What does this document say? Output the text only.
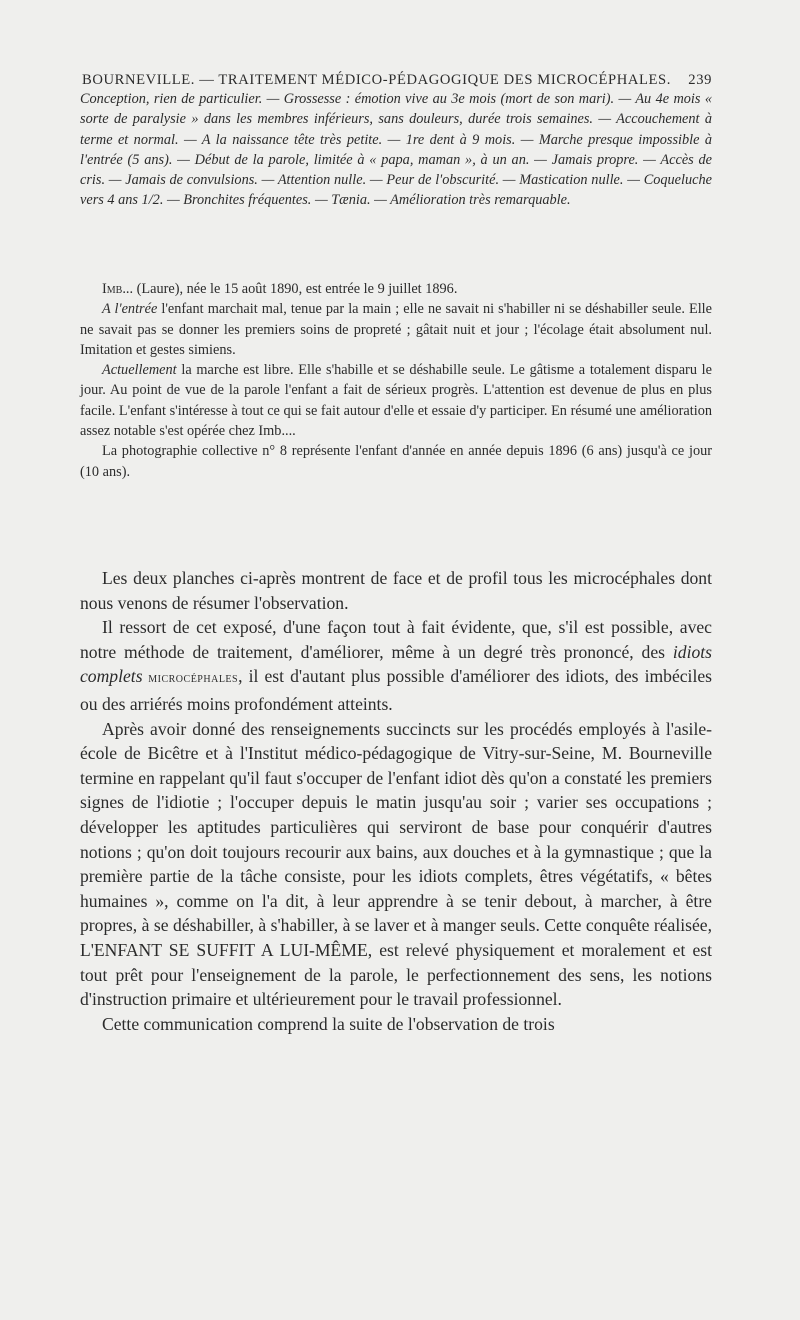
BOURNEVILLE. — TRAITEMENT MÉDICO-PÉDAGOGIQUE DES MICROCÉPHALES. 239

Conception, rien de particulier. — Grossesse : émotion vive au 3e mois (mort de son mari). — Au 4e mois « sorte de paralysie » dans les membres inférieurs, sans douleurs, durée trois semaines. — Accouchement à terme et normal. — A la naissance tête très petite. — 1re dent à 9 mois. — Marche presque impossible à l'entrée (5 ans). — Début de la parole, limitée à « papa, maman », à un an. — Jamais propre. — Accès de cris. — Jamais de convulsions. — Attention nulle. — Peur de l'obscurité. — Mastication nulle. — Coqueluche vers 4 ans 1/2. — Bronchites fréquentes. — Tænia. — Amélioration très remarquable.

Imb... (Laure), née le 15 août 1890, est entrée le 9 juillet 1896.

A l'entrée l'enfant marchait mal, tenue par la main ; elle ne savait ni s'habiller ni se déshabiller seule. Elle ne savait pas se donner les premiers soins de propreté ; gâtait nuit et jour ; l'écolage était absolument nul. Imitation et gestes simiens.

Actuellement la marche est libre. Elle s'habille et se déshabille seule. Le gâtisme a totalement disparu le jour. Au point de vue de la parole l'enfant a fait de sérieux progrès. L'attention est devenue de plus en plus facile. L'enfant s'intéresse à tout ce qui se fait autour d'elle et essaie d'y participer. En résumé une amélioration assez notable s'est opérée chez Imb....

La photographie collective n° 8 représente l'enfant d'année en année depuis 1896 (6 ans) jusqu'à ce jour (10 ans).

Les deux planches ci-après montrent de face et de profil tous les microcéphales dont nous venons de résumer l'observation.

Il ressort de cet exposé, d'une façon tout à fait évidente, que, s'il est possible, avec notre méthode de traitement, d'améliorer, même à un degré très prononcé, des idiots complets microcéphales, il est d'autant plus possible d'améliorer des idiots, des imbéciles ou des arriérés moins profondément atteints.

Après avoir donné des renseignements succincts sur les procédés employés à l'asile-école de Bicêtre et à l'Institut médico-pédagogique de Vitry-sur-Seine, M. Bourneville termine en rappelant qu'il faut s'occuper de l'enfant idiot dès qu'on a constaté les premiers signes de l'idiotie ; l'occuper depuis le matin jusqu'au soir ; varier ses occupations ; développer les aptitudes particulières qui serviront de base pour conquérir d'autres notions ; qu'on doit toujours recourir aux bains, aux douches et à la gymnastique ; que la première partie de la tâche consiste, pour les idiots complets, êtres végétatifs, « bêtes humaines », comme on l'a dit, à leur apprendre à se tenir debout, à marcher, à être propres, à se déshabiller, à s'habiller, à se laver et à manger seuls. Cette conquête réalisée, L'ENFANT SE SUFFIT A LUI-MÊME, est relevé physiquement et moralement et est tout prêt pour l'enseignement de la parole, le perfectionnement des sens, les notions d'instruction primaire et ultérieurement pour le travail professionnel.

Cette communication comprend la suite de l'observation de trois
